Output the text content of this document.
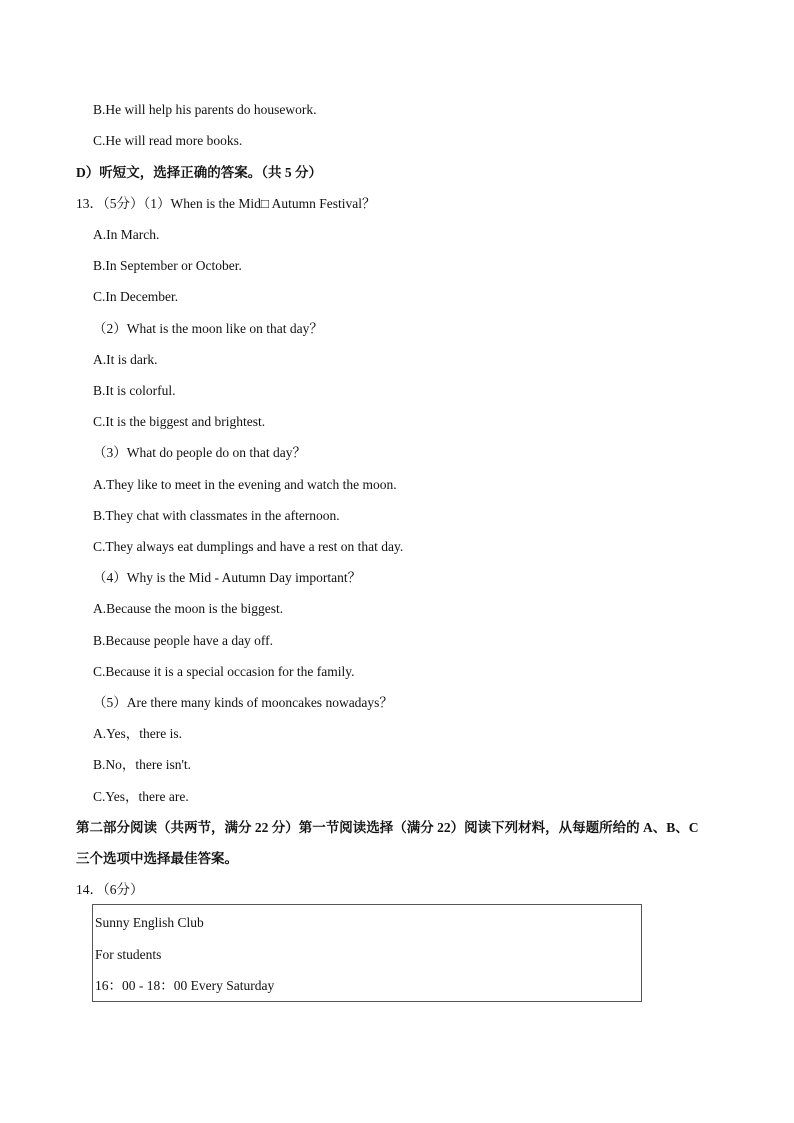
B.He will help his parents do housework.
C.He will read more books.
D）听短文，选择正确的答案。（共 5 分）
13．（5分）（1）When is the Mid□ Autumn Festival？
A.In March.
B.In September or October.
C.In December.
（2）What is the moon like on that day？
A.It is dark.
B.It is colorful.
C.It is the biggest and brightest.
（3）What do people do on that day？
A.They like to meet in the evening and watch the moon.
B.They chat with classmates in the afternoon.
C.They always eat dumplings and have a rest on that day.
（4）Why is the Mid - Autumn Day important？
A.Because the moon is the biggest.
B.Because people have a day off.
C.Because it is a special occasion for the family.
（5）Are there many kinds of mooncakes nowadays？
A.Yes，there is.
B.No，there isn't.
C.Yes，there are.
第二部分阅读（共两节，满分 22 分）第一节阅读选择（满分 22）阅读下列材料，从每题所给的 A、B、C
三个选项中选择最佳答案。
14．（6分）
Sunny English Club
For students
16：00 - 18：00 Every Saturday
